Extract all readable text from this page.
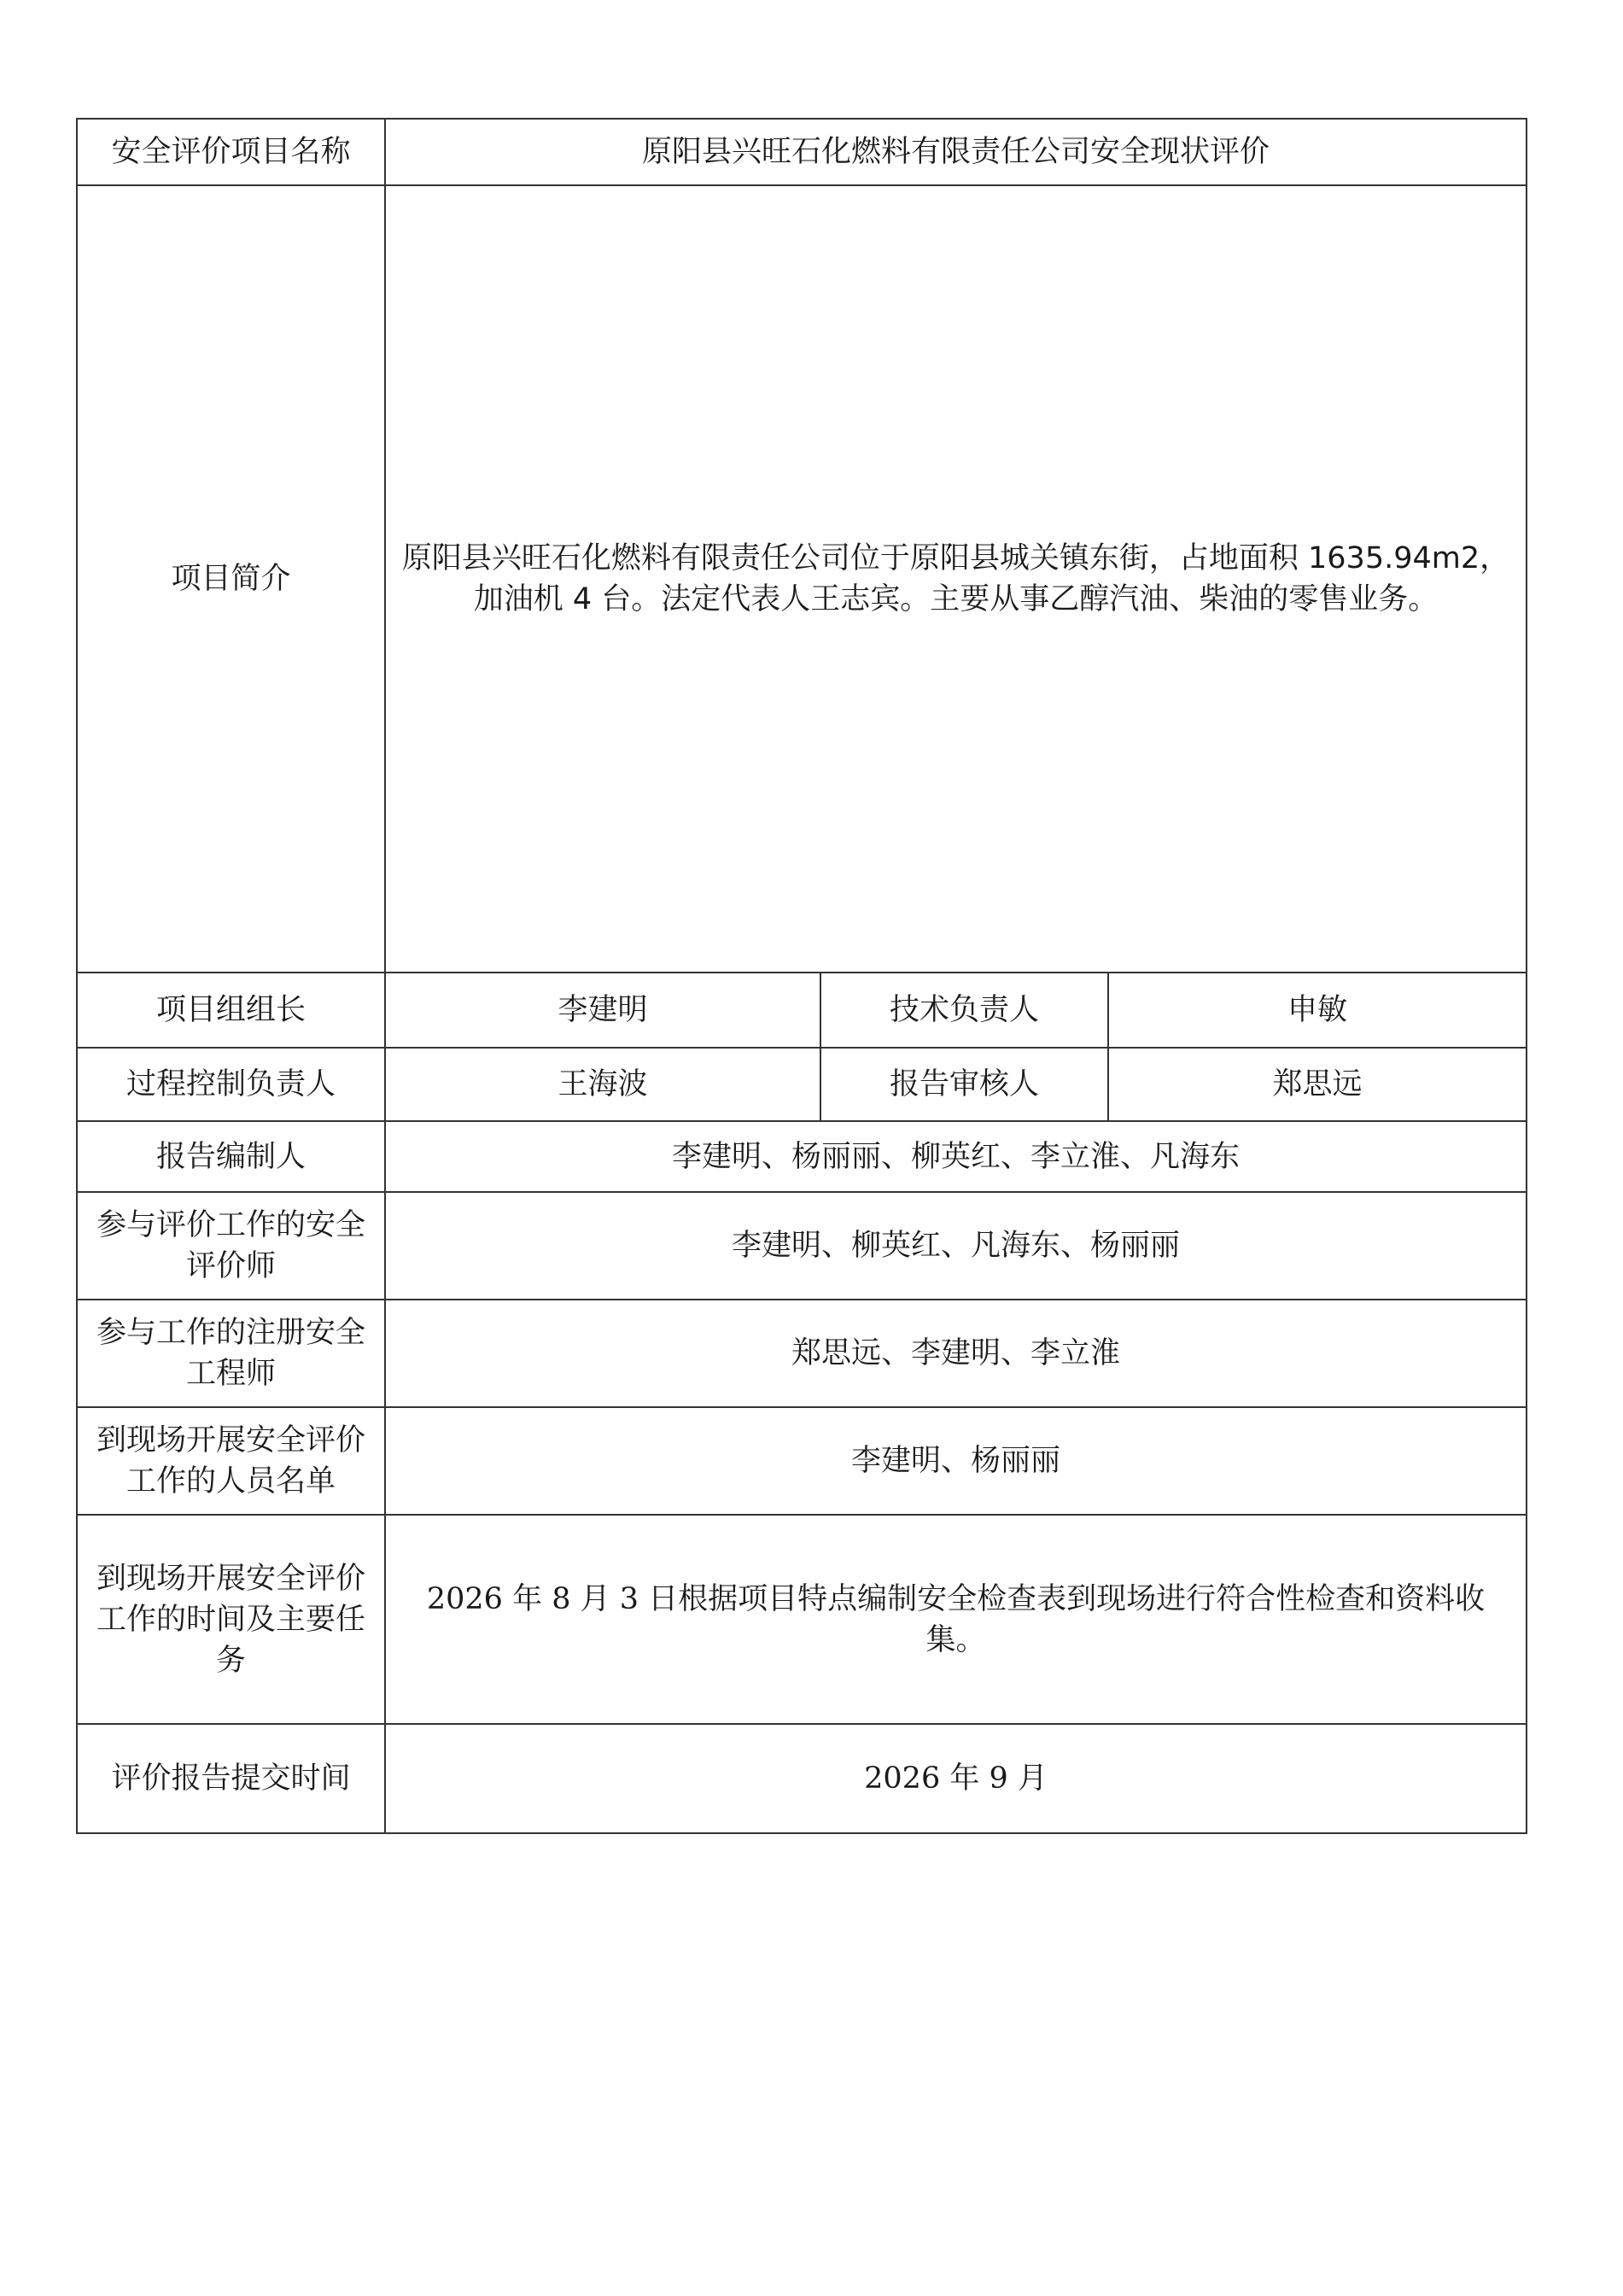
安全评价项目名称	原阳县兴旺石化燃料有限责任公司安全现状评价		
项目简介	原阳县兴旺石化燃料有限责任公司位于原阳县城关镇东街，占地面积 1635.94m2，加油机 4 台。法定代表人王志宾。主要从事乙醇汽油、柴油的零售业务。		
项目组组长	李建明	技术负责人	申敏
过程控制负责人	王海波	报告审核人	郑思远
报告编制人	李建明、杨丽丽、柳英红、李立淮、凡海东		
参与评价工作的安全评价师	李建明、柳英红、凡海东、杨丽丽		
参与工作的注册安全工程师	郑思远、李建明、李立淮		
到现场开展安全评价工作的人员名单	李建明、杨丽丽		
到现场开展安全评价工作的时间及主要任务	2026 年 8 月 3 日根据项目特点编制安全检查表到现场进行符合性检查和资料收集。		
评价报告提交时间	2026 年 9 月		
